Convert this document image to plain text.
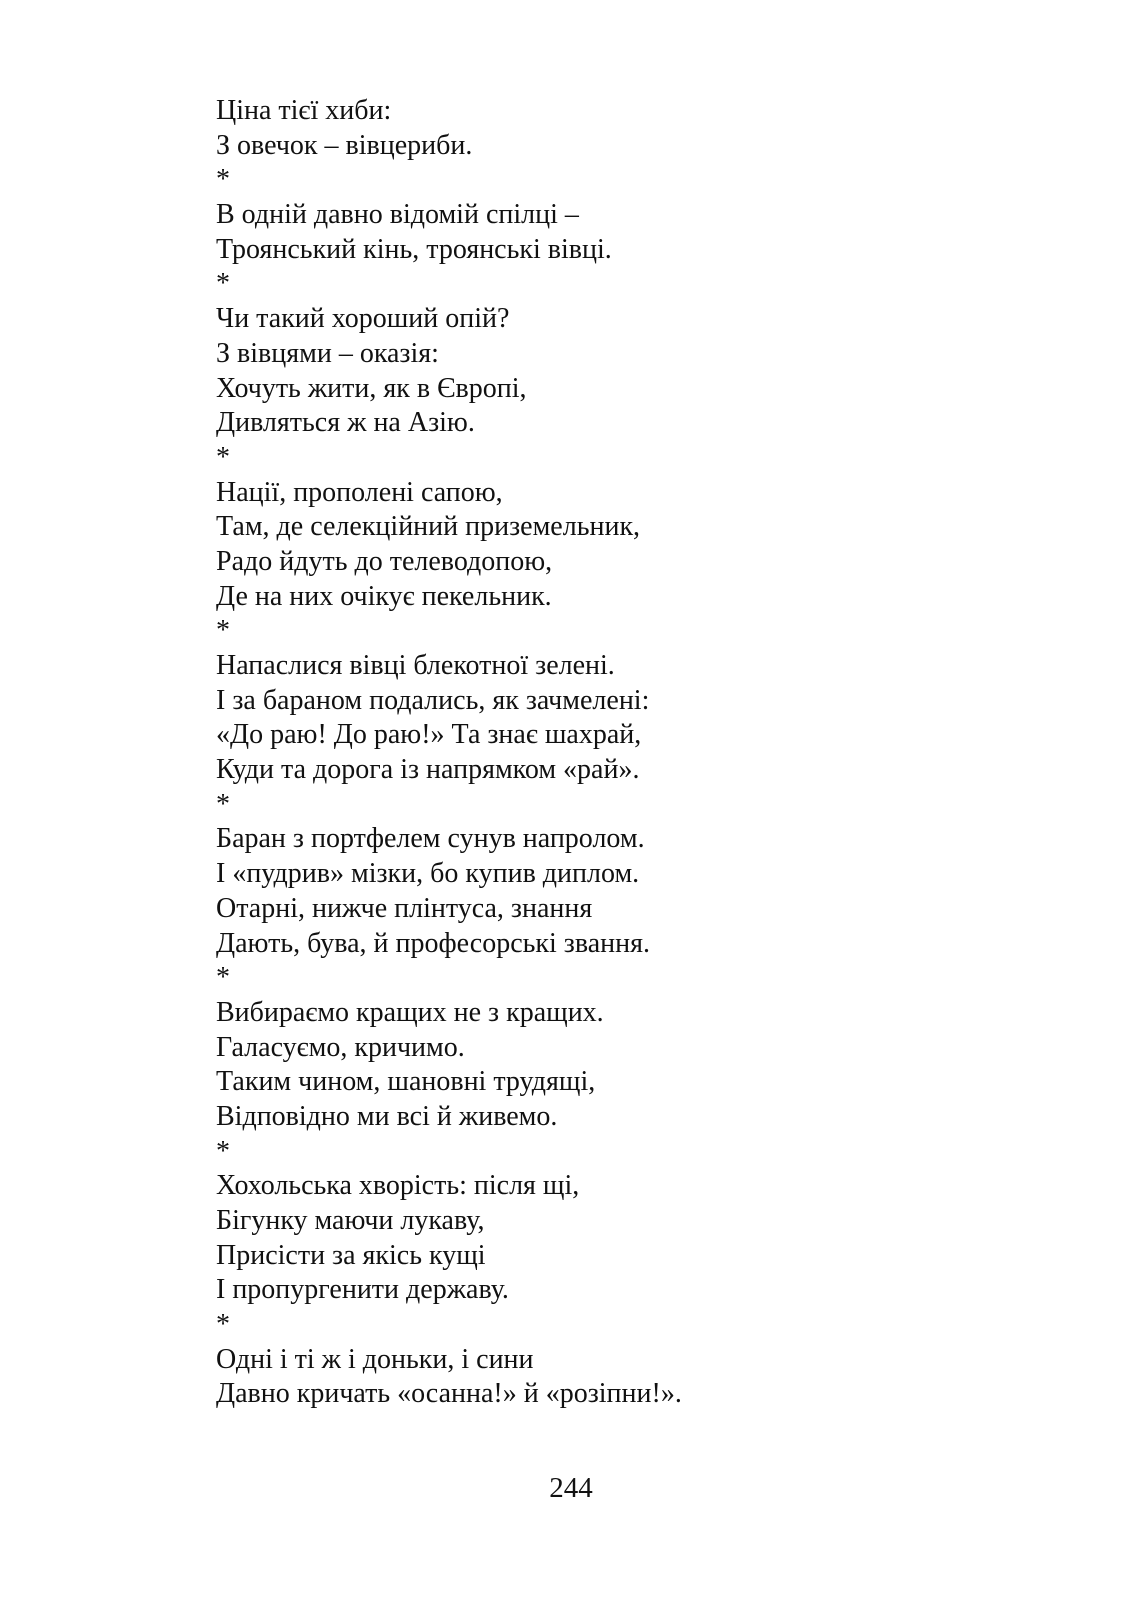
Ціна тієї хиби:
З овечок – вівцериби.
*
В одній давно відомій спілці –
Троянський кінь, троянські вівці.
*
Чи такий хороший опій?
З вівцями – оказія:
Хочуть жити, як в Європі,
Дивляться ж на Азію.
*
Нації, прополені сапою,
Там, де селекційний приземельник,
Радо йдуть до телеводопою,
Де на них очікує пекельник.
*
Напаслися вівці блекотної зелені.
І за бараном подались, як зачмелені:
«До раю! До раю!» Та знає шахрай,
Куди та дорога із напрямком «рай».
*
Баран з портфелем сунув напролом.
І «пудрив» мізки, бо купив диплом.
Отарні, нижче плінтуса, знання
Дають, бува, й професорські звання.
*
Вибираємо кращих не з кращих.
Галасуємо, кричимо.
Таким чином, шановні трудящі,
Відповідно ми всі й живемо.
*
Хохольська хворість: після щі,
Бігунку маючи лукаву,
Присісти за якісь кущі
І пропургенити державу.
*
Одні і ті ж і доньки, і сини
Давно кричать «осанна!» й «розіпни!».
244
